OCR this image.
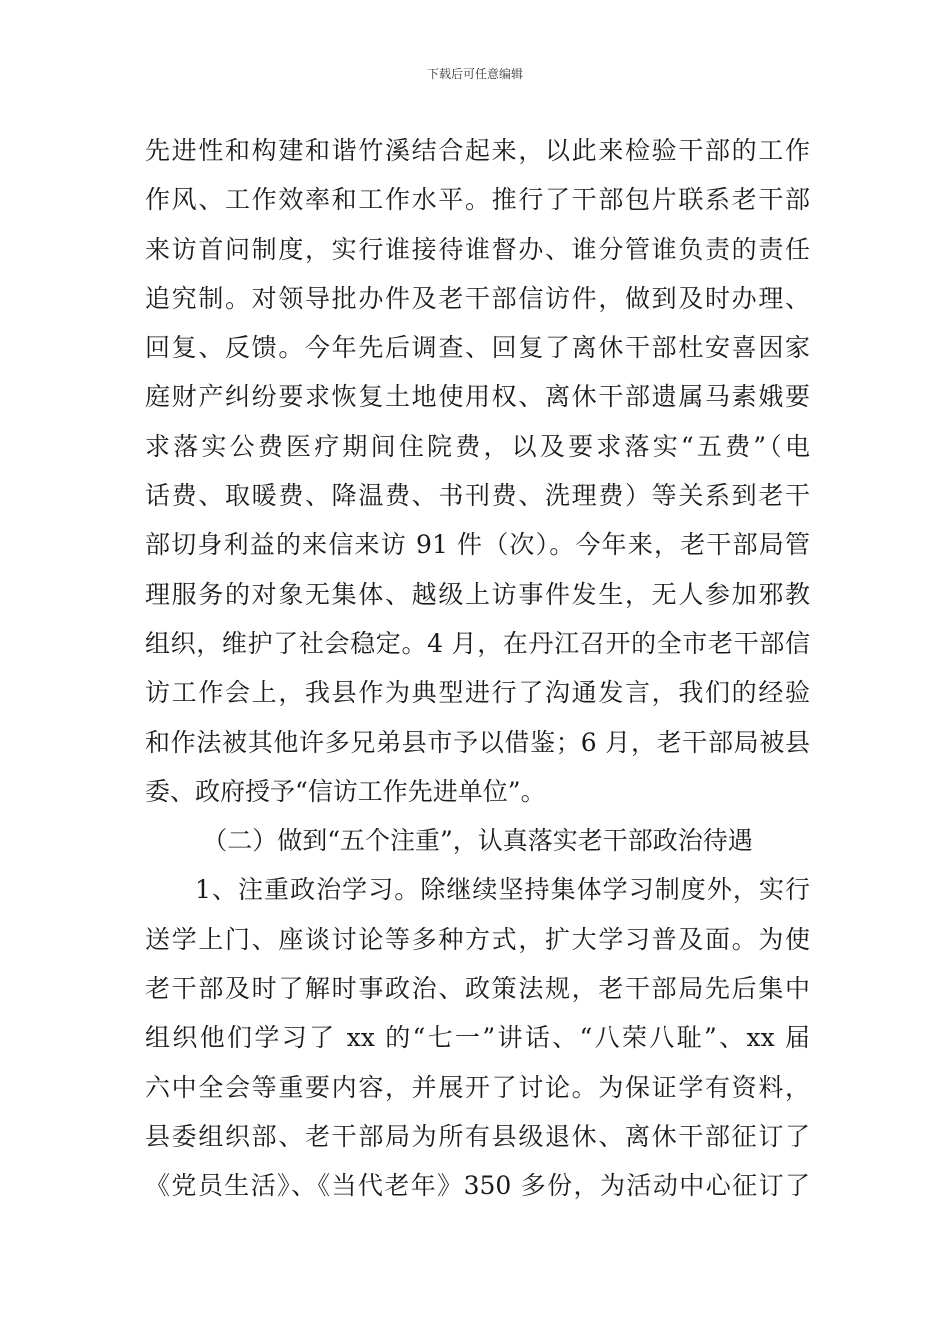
下载后可任意编辑
先进性和构建和谐竹溪结合起来，以此来检验干部的工作
作风、工作效率和工作水平。推行了干部包片联系老干部
来访首问制度，实行谁接待谁督办、谁分管谁负责的责任
追究制。对领导批办件及老干部信访件，做到及时办理、
回复、反馈。今年先后调查、回复了离休干部杜安喜因家
庭财产纠纷要求恢复土地使用权、离休干部遗属马素娥要
求落实公费医疗期间住院费，以及要求落实“五费”（电
话费、取暖费、降温费、书刊费、洗理费）等关系到老干
部切身利益的来信来访 91 件（次）。今年来，老干部局管
理服务的对象无集体、越级上访事件发生，无人参加邪教
组织，维护了社会稳定。4 月，在丹江召开的全市老干部信
访工作会上，我县作为典型进行了沟通发言，我们的经验
和作法被其他许多兄弟县市予以借鉴；6 月，老干部局被县
委、政府授予“信访工作先进单位”。
（二）做到“五个注重”，认真落实老干部政治待遇
1、注重政治学习。除继续坚持集体学习制度外，实行
送学上门、座谈讨论等多种方式，扩大学习普及面。为使
老干部及时了解时事政治、政策法规，老干部局先后集中
组织他们学习了 xx 的“七一”讲话、“八荣八耻”、xx 届
六中全会等重要内容，并展开了讨论。为保证学有资料，
县委组织部、老干部局为所有县级退休、离休干部征订了
《党员生活》、《当代老年》350 多份，为活动中心征订了
